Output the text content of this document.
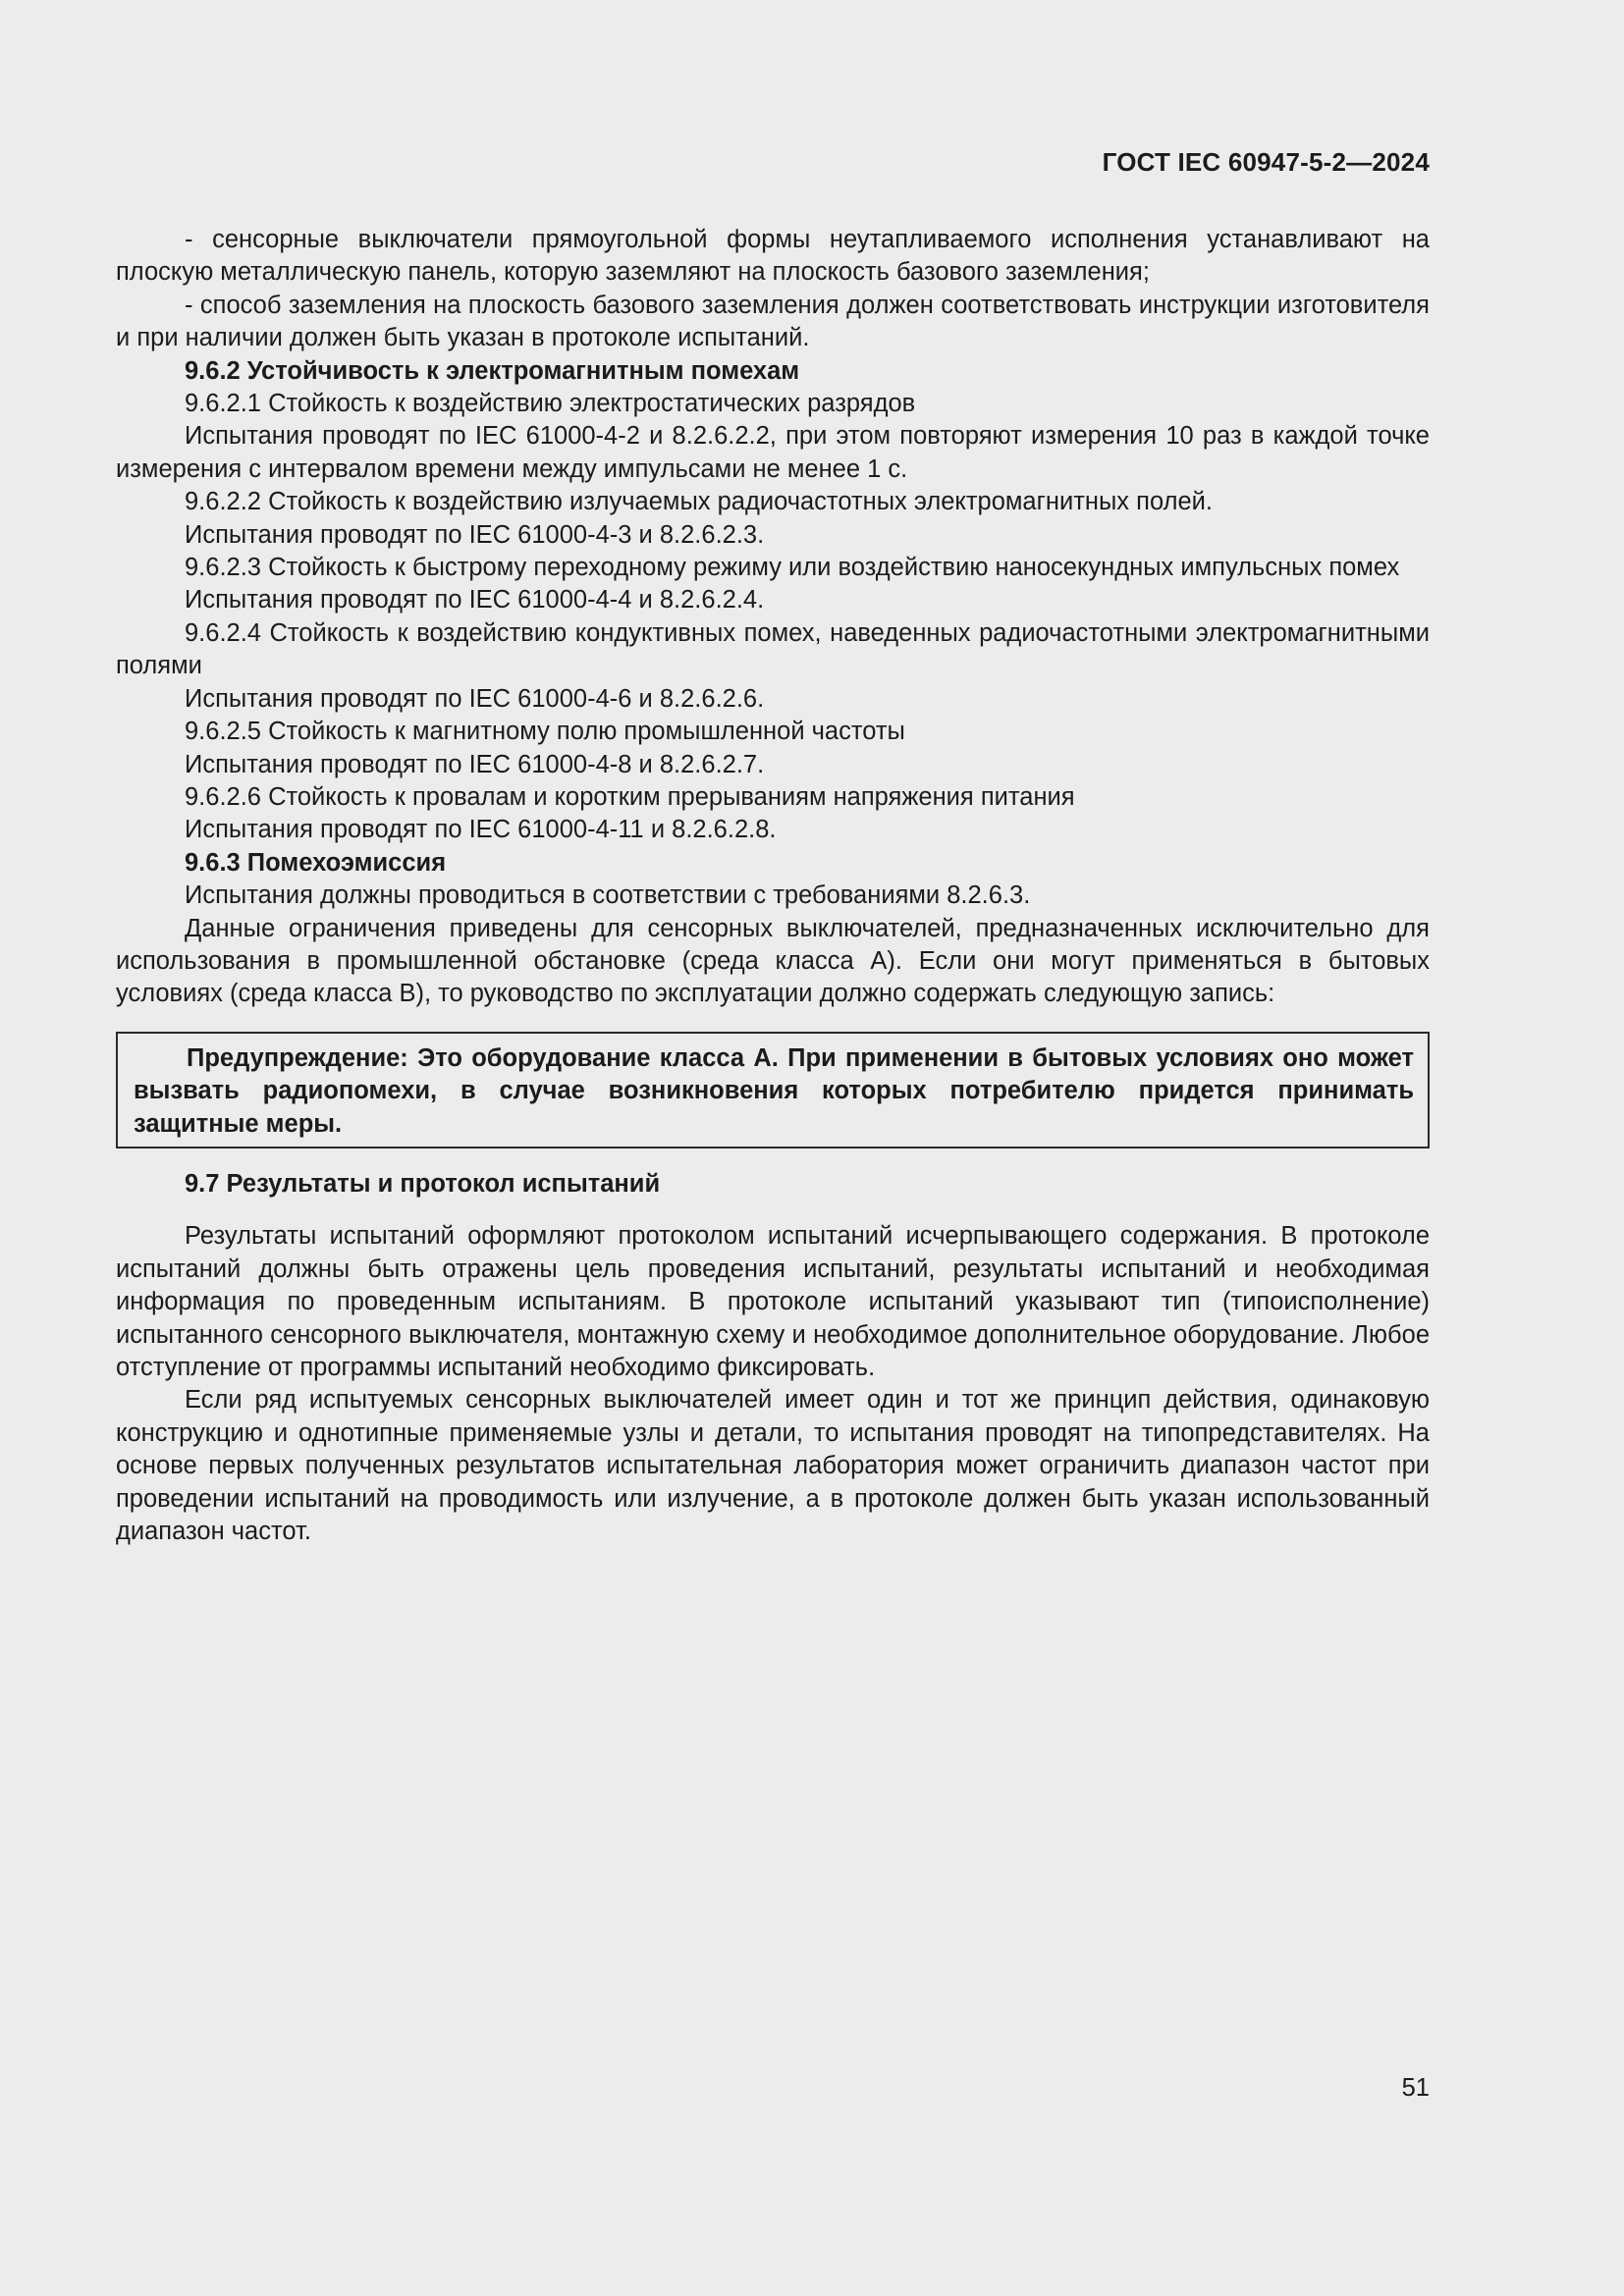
ГОСТ IEC 60947-5-2—2024

- сенсорные выключатели прямоугольной формы неутапливаемого исполнения устанавливают на плоскую металлическую панель, которую заземляют на плоскость базового заземления;

- способ заземления на плоскость базового заземления должен соответствовать инструкции изготовителя и при наличии должен быть указан в протоколе испытаний.

9.6.2 Устойчивость к электромагнитным помехам

9.6.2.1 Стойкость к воздействию электростатических разрядов

Испытания проводят по IEC 61000-4-2 и 8.2.6.2.2, при этом повторяют измерения 10 раз в каждой точке измерения с интервалом времени между импульсами не менее 1 с.

9.6.2.2 Стойкость к воздействию излучаемых радиочастотных электромагнитных полей.

Испытания проводят по IEC 61000-4-3 и 8.2.6.2.3.

9.6.2.3 Стойкость к быстрому переходному режиму или воздействию наносекундных импульсных помех

Испытания проводят по IEC 61000-4-4 и 8.2.6.2.4.

9.6.2.4 Стойкость к воздействию кондуктивных помех, наведенных радиочастотными электромагнитными полями

Испытания проводят по IEC 61000-4-6 и 8.2.6.2.6.

9.6.2.5 Стойкость к магнитному полю промышленной частоты

Испытания проводят по IEC 61000-4-8 и 8.2.6.2.7.

9.6.2.6 Стойкость к провалам и коротким прерываниям напряжения питания

Испытания проводят по IEC 61000-4-11 и 8.2.6.2.8.

9.6.3 Помехоэмиссия

Испытания должны проводиться в соответствии с требованиями 8.2.6.3.

Данные ограничения приведены для сенсорных выключателей, предназначенных исключительно для использования в промышленной обстановке (среда класса А). Если они могут применяться в бытовых условиях (среда класса В), то руководство по эксплуатации должно содержать следующую запись:

Предупреждение: Это оборудование класса А. При применении в бытовых условиях оно может вызвать радиопомехи, в случае возникновения которых потребителю придется принимать защитные меры.

9.7 Результаты и протокол испытаний

Результаты испытаний оформляют протоколом испытаний исчерпывающего содержания. В протоколе испытаний должны быть отражены цель проведения испытаний, результаты испытаний и необходимая информация по проведенным испытаниям. В протоколе испытаний указывают тип (типоисполнение) испытанного сенсорного выключателя, монтажную схему и необходимое дополнительное оборудование. Любое отступление от программы испытаний необходимо фиксировать.

Если ряд испытуемых сенсорных выключателей имеет один и тот же принцип действия, одинаковую конструкцию и однотипные применяемые узлы и детали, то испытания проводят на типопредставителях. На основе первых полученных результатов испытательная лаборатория может ограничить диапазон частот при проведении испытаний на проводимость или излучение, а в протоколе должен быть указан использованный диапазон частот.

51
